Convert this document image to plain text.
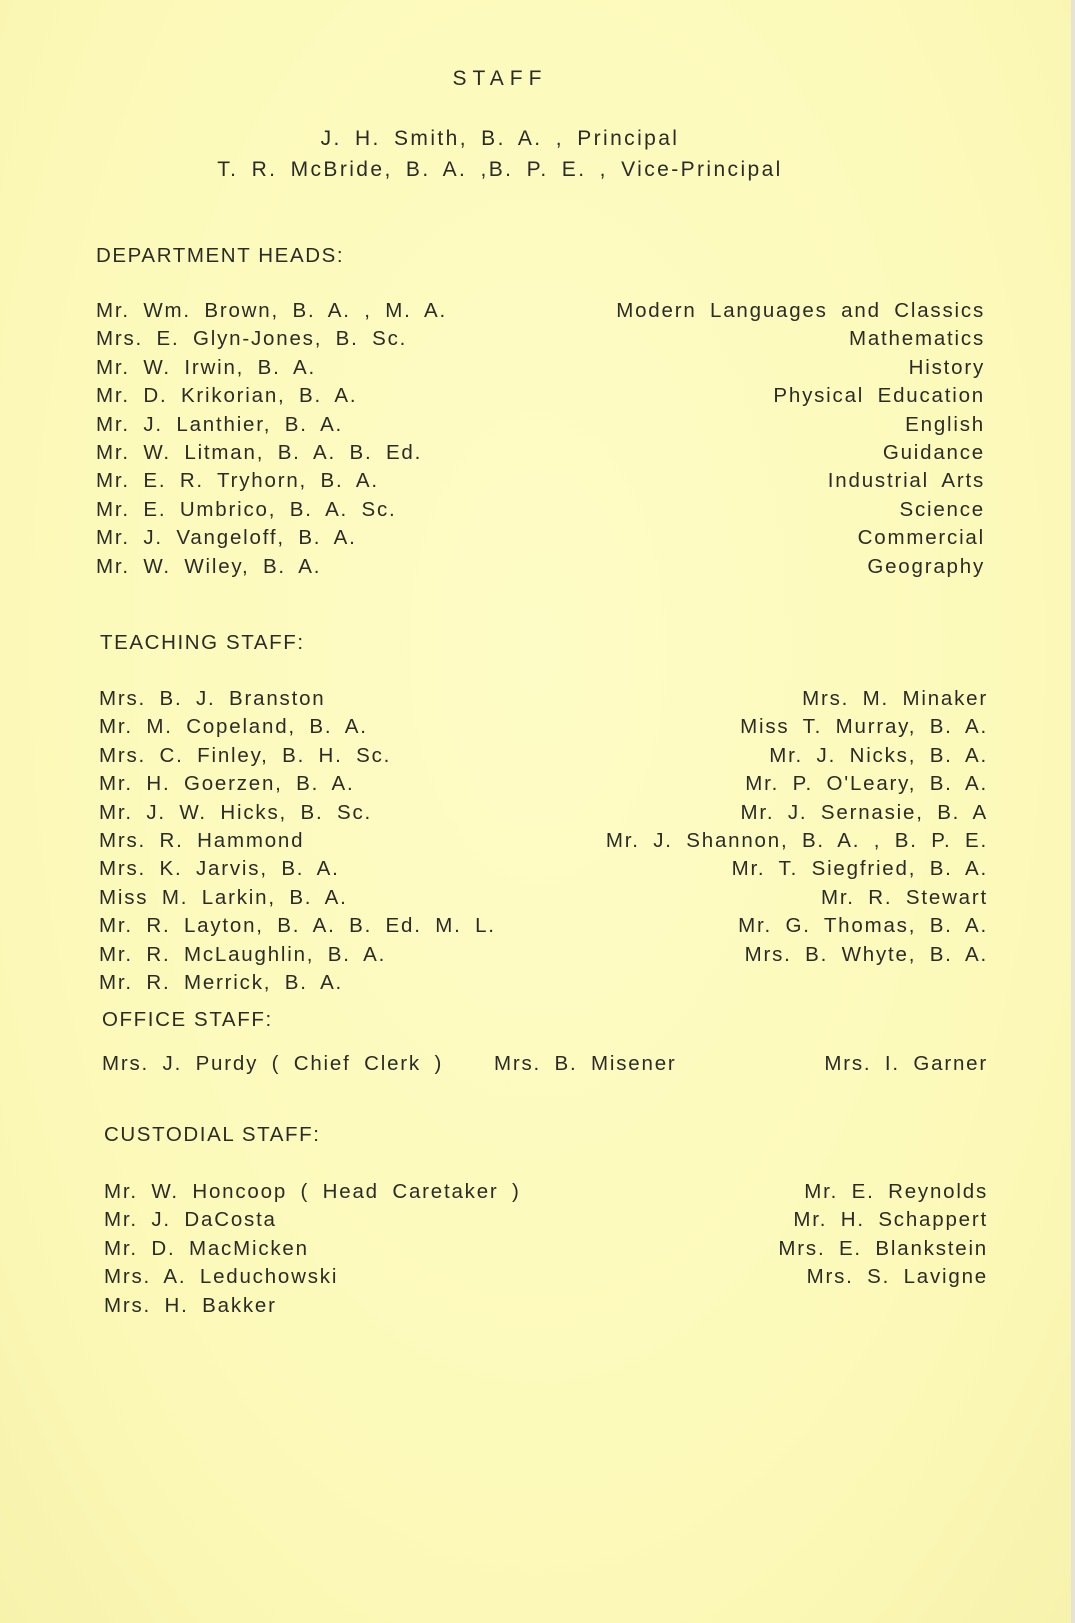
STAFF
J. H. Smith, B. A. , Principal
T. R. McBride, B. A. ,B. P. E. , Vice-Principal
DEPARTMENT HEADS:
Mr. Wm. Brown, B. A. , M. A.
Mrs. E. Glyn-Jones, B. Sc.
Mr. W. Irwin, B. A.
Mr. D. Krikorian, B. A.
Mr. J. Lanthier, B. A.
Mr. W. Litman, B. A. B. Ed.
Mr. E. R. Tryhorn, B. A.
Mr. E. Umbrico, B. A. Sc.
Mr. J. Vangeloff, B. A.
Mr. W. Wiley, B. A.
Modern Languages and Classics
Mathematics
History
Physical Education
English
Guidance
Industrial Arts
Science
Commercial
Geography
TEACHING STAFF:
Mrs. B. J. Branston
Mr. M. Copeland, B. A.
Mrs. C. Finley, B. H. Sc.
Mr. H. Goerzen, B. A.
Mr. J. W. Hicks, B. Sc.
Mrs. R. Hammond
Mrs. K. Jarvis, B. A.
Miss M. Larkin, B. A.
Mr. R. Layton, B. A. B. Ed. M. L.
Mr. R. McLaughlin, B. A.
Mr. R. Merrick, B. A.
Mrs. M. Minaker
Miss T. Murray, B. A.
Mr. J. Nicks, B. A.
Mr. P. O'Leary, B. A.
Mr. J. Sernasie, B. A
Mr. J. Shannon, B. A. , B. P. E.
Mr. T. Siegfried, B. A.
Mr. R. Stewart
Mr. G. Thomas, B. A.
Mrs. B. Whyte, B. A.
OFFICE STAFF:
Mrs. J. Purdy ( Chief Clerk ) Mrs. B. Misener	Mrs. I. Garner
CUSTODIAL STAFF:
Mr. W. Honcoop ( Head Caretaker )
Mr. J. DaCosta
Mr. D. MacMicken
Mrs. A. Leduchowski
Mrs. H. Bakker
Mr. E. Reynolds
Mr. H. Schappert
Mrs. E. Blankstein
Mrs. S. Lavigne
